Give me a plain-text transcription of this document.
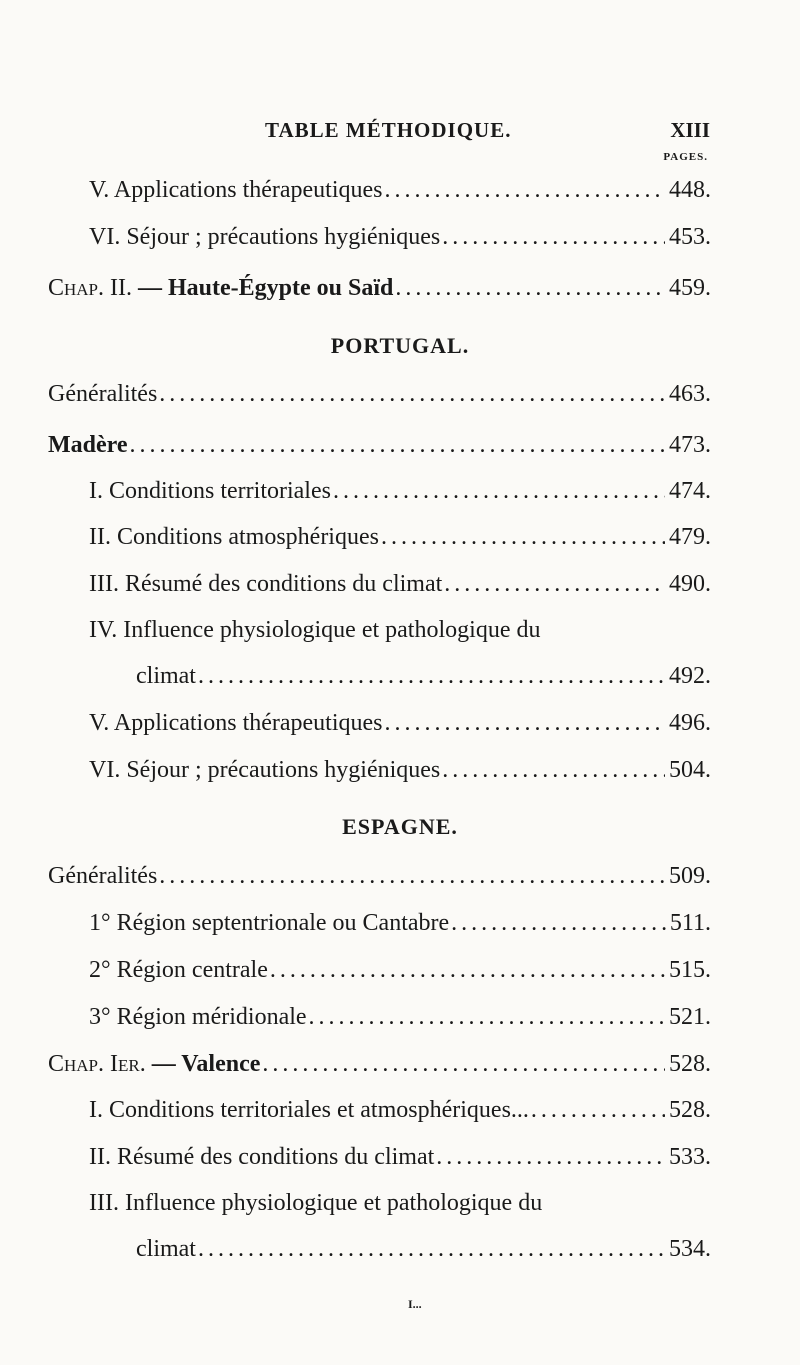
TABLE MÉTHODIQUE.	XIII
PAGES.
V. Applications thérapeutiques . . .	448.
VI. Séjour ; précautions hygiéniques . . .	453.
Chap. II. — Haute-Égypte ou Saïd . . .	459.
PORTUGAL.
Généralités . . .	463.
Madère . . .	473.
I. Conditions territoriales . . .	474.
II. Conditions atmosphériques . . .	479.
III. Résumé des conditions du climat . . .	490.
IV. Influence physiologique et pathologique du
climat . . .	492.
V. Applications thérapeutiques . . .	496.
VI. Séjour ; précautions hygiéniques . . .	504.
ESPAGNE.
Généralités . . .	509.
1° Région septentrionale ou Cantabre . . .	511.
2° Région centrale . . .	515.
3° Région méridionale . . .	521.
Chap. Ier. — Valence . . .	528.
I. Conditions territoriales et atmosphériques... . . .	528.
II. Résumé des conditions du climat . . .	533.
III. Influence physiologique et pathologique du
climat . . .	534.
I...
